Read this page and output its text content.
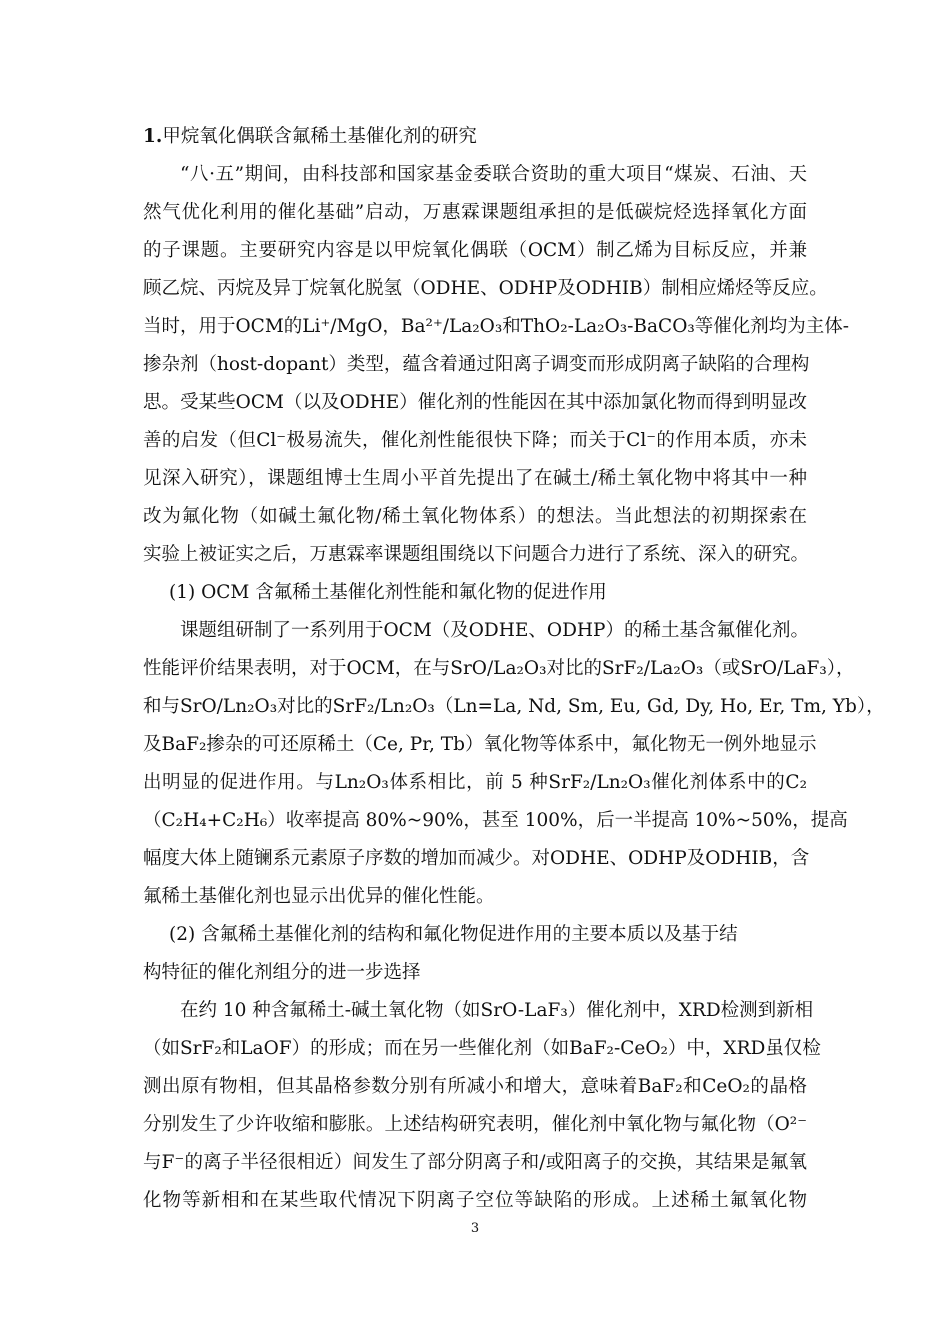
1.甲烷氧化偶联含氟稀土基催化剂的研究
“八·五”期间，由科技部和国家基金委联合资助的重大项目“煤炭、石油、天
然气优化利用的催化基础”启动，万惠霖课题组承担的是低碳烷烃选择氧化方面
的子课题。主要研究内容是以甲烷氧化偶联（OCM）制乙烯为目标反应，并兼
顾乙烷、丙烷及异丁烷氧化脱氢（ODHE、ODHP及ODHIB）制相应烯烃等反应。
当时，用于OCM的Li⁺/MgO，Ba²⁺/La₂O₃和ThO₂-La₂O₃-BaCO₃等催化剂均为主体-
掺杂剂（host-dopant）类型，蕴含着通过阳离子调变而形成阴离子缺陷的合理构
思。受某些OCM（以及ODHE）催化剂的性能因在其中添加氯化物而得到明显改
善的启发（但Cl⁻极易流失，催化剂性能很快下降；而关于Cl⁻的作用本质，亦未
见深入研究），课题组博士生周小平首先提出了在碱土/稀土氧化物中将其中一种
改为氟化物（如碱土氟化物/稀土氧化物体系）的想法。当此想法的初期探索在
实验上被证实之后，万惠霖率课题组围绕以下问题合力进行了系统、深入的研究。
(1) OCM 含氟稀土基催化剂性能和氟化物的促进作用
课题组研制了一系列用于OCM（及ODHE、ODHP）的稀土基含氟催化剂。
性能评价结果表明，对于OCM，在与SrO/La₂O₃对比的SrF₂/La₂O₃（或SrO/LaF₃），
和与SrO/Ln₂O₃对比的SrF₂/Ln₂O₃（Ln=La, Nd, Sm, Eu, Gd, Dy, Ho, Er, Tm, Yb），
及BaF₂掺杂的可还原稀土（Ce, Pr, Tb）氧化物等体系中，氟化物无一例外地显示
出明显的促进作用。与Ln₂O₃体系相比，前 5 种SrF₂/Ln₂O₃催化剂体系中的C₂
（C₂H₄+C₂H₆）收率提高 80%~90%，甚至 100%，后一半提高 10%~50%，提高
幅度大体上随镧系元素原子序数的增加而减少。对ODHE、ODHP及ODHIB，含
氟稀土基催化剂也显示出优异的催化性能。
(2) 含氟稀土基催化剂的结构和氟化物促进作用的主要本质以及基于结
构特征的催化剂组分的进一步选择
在约 10 种含氟稀土-碱土氧化物（如SrO-LaF₃）催化剂中，XRD检测到新相
（如SrF₂和LaOF）的形成；而在另一些催化剂（如BaF₂-CeO₂）中，XRD虽仅检
测出原有物相，但其晶格参数分别有所减小和增大，意味着BaF₂和CeO₂的晶格
分别发生了少许收缩和膨胀。上述结构研究表明，催化剂中氧化物与氟化物（O²⁻
与F⁻的离子半径很相近）间发生了部分阴离子和/或阳离子的交换，其结果是氟氧
化物等新相和在某些取代情况下阴离子空位等缺陷的形成。上述稀土氟氧化物
3
